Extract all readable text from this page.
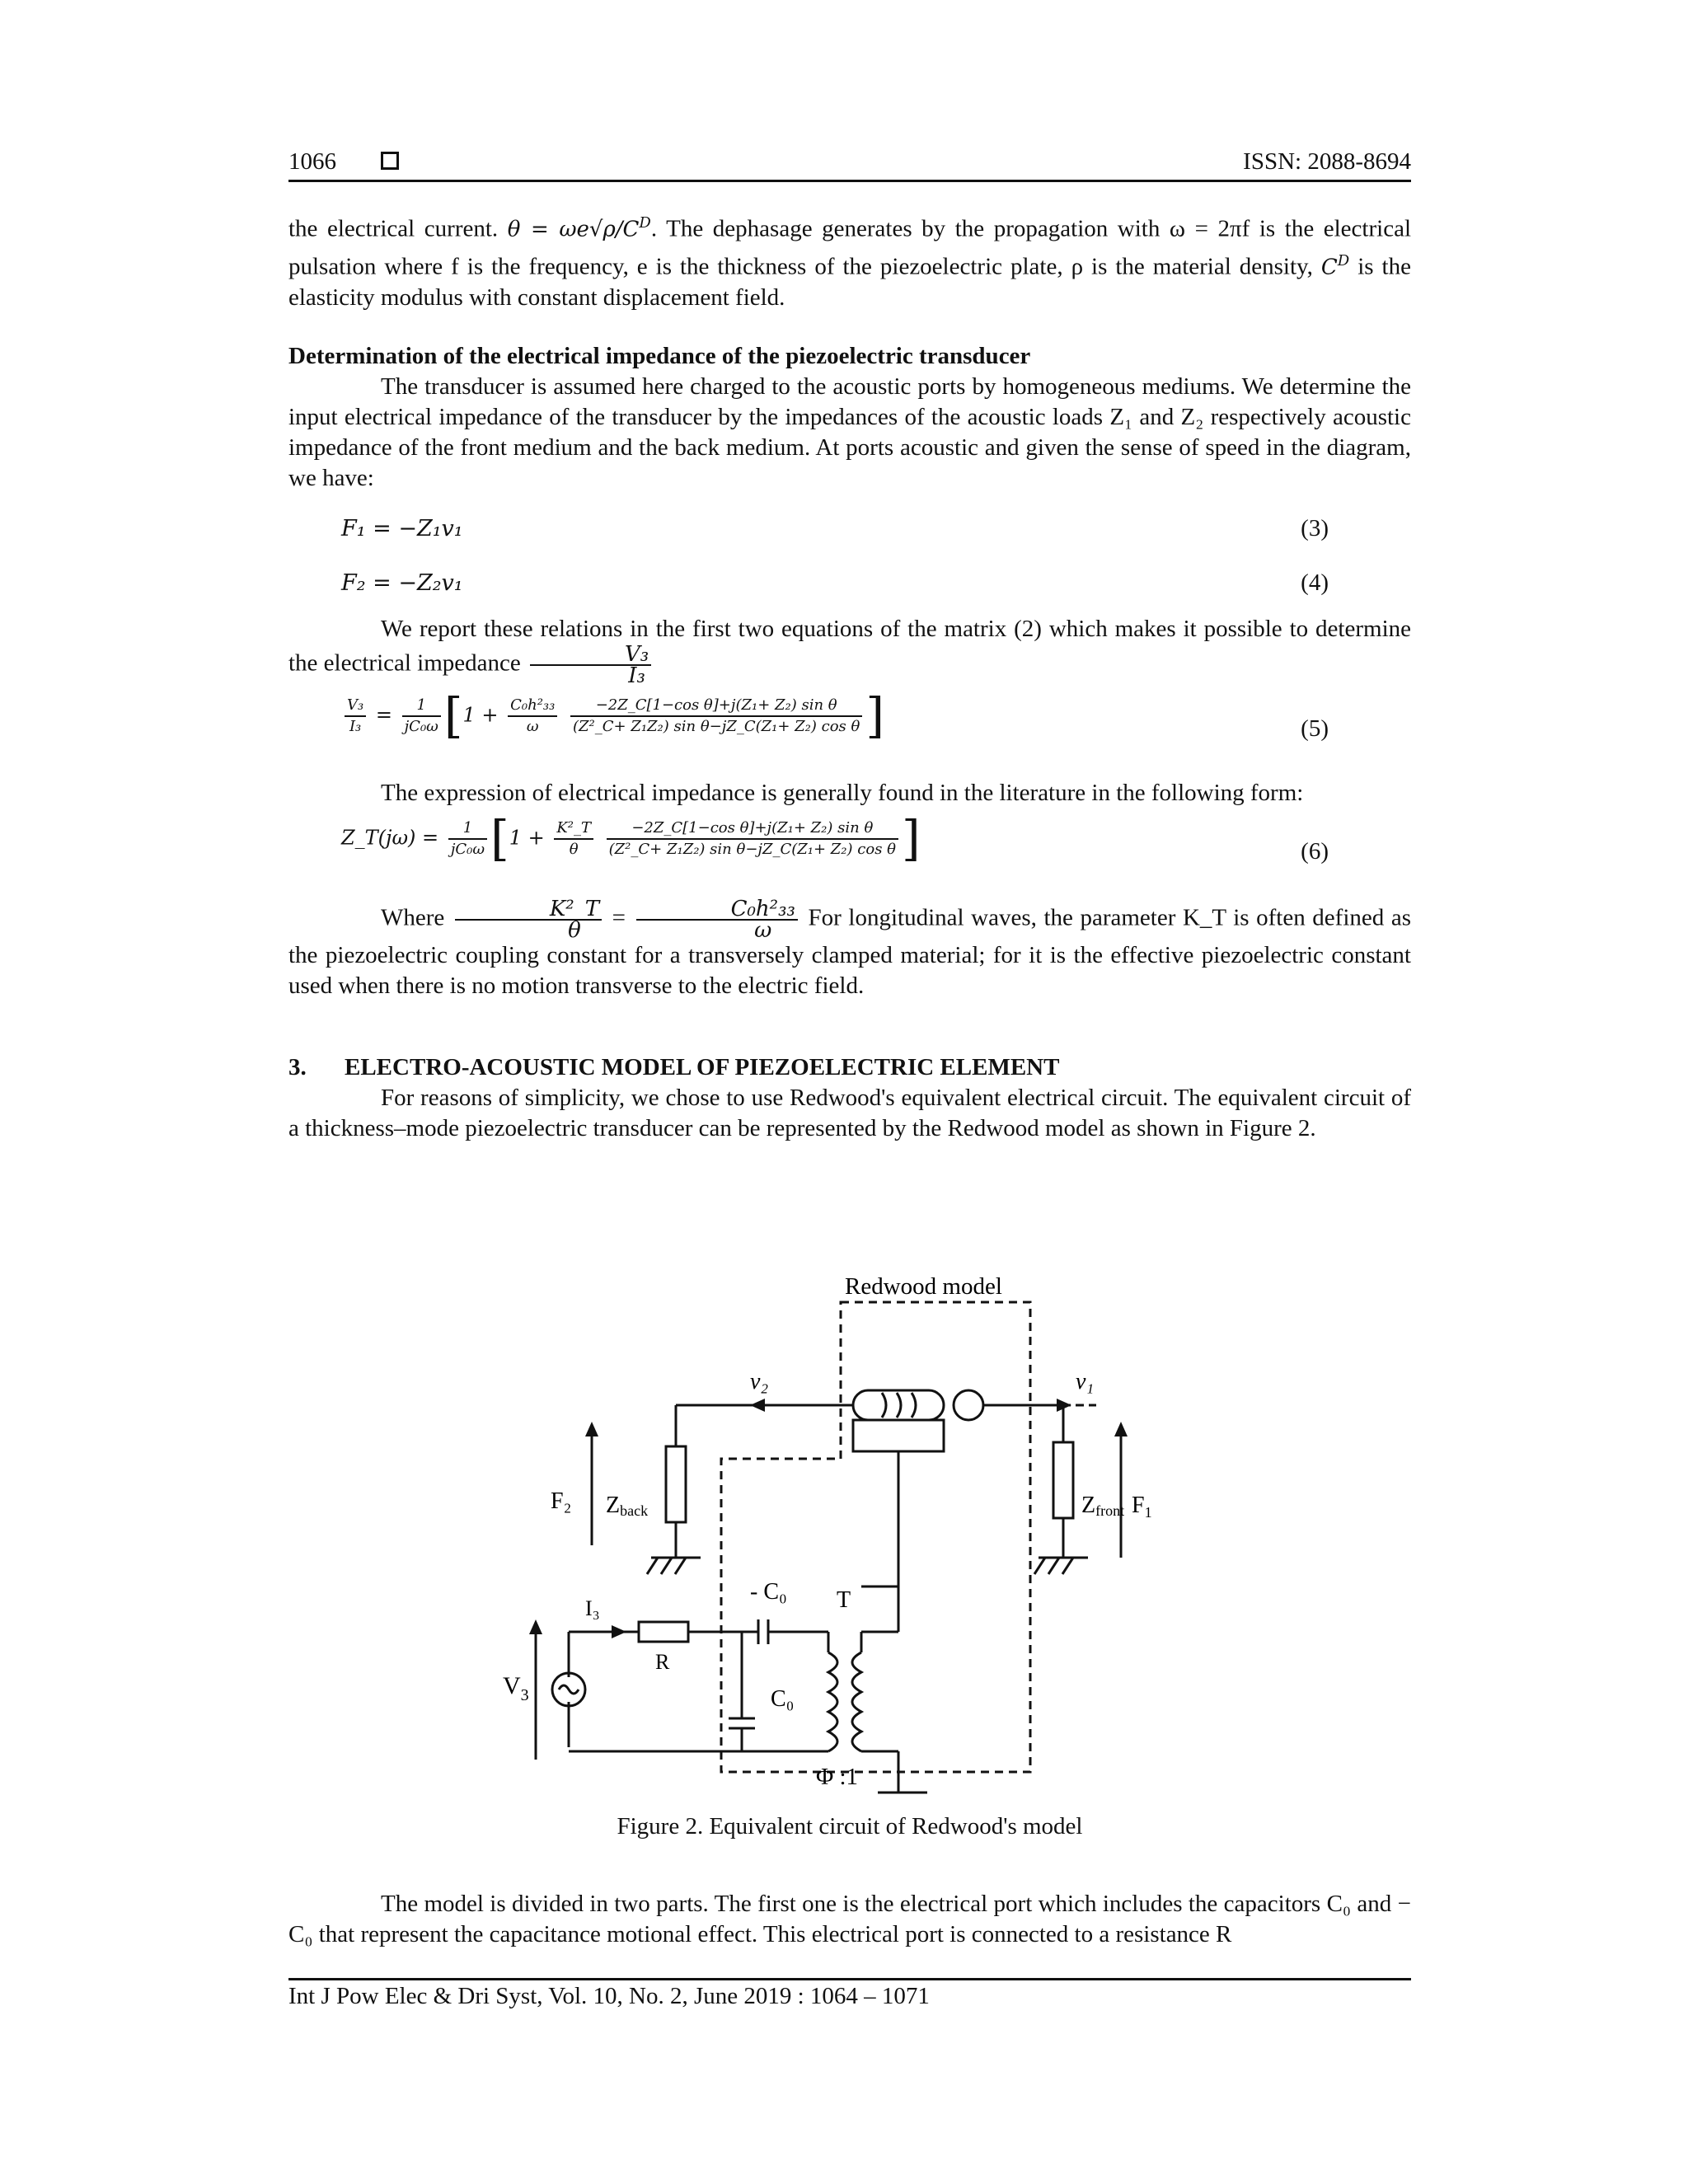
1066	ISSN: 2088-8694

the electrical current. $\theta = \omega e√\rho/C^D$. The dephasage generates by the propagation with ω = 2πf is the electrical pulsation where f is the frequency, e is the thickness of the piezoelectric plate, ρ is the material density, $C^D$ is the elasticity modulus with constant displacement field.

Determination of the electrical impedance of the piezoelectric transducer

The transducer is assumed here charged to the acoustic ports by homogeneous mediums. We determine the input electrical impedance of the transducer by the impedances of the acoustic loads Z₁ and Z₂ respectively acoustic impedance of the front medium and the back medium. At ports acoustic and given the sense of speed in the diagram, we have:

F₁ = −Z₁v₁	(3)
F₂ = −Z₂v₁	(4)

We report these relations in the first two equations of the matrix (2) which makes it possible to determine the electrical impedance $\frac{\text{V₃}}{\text{I₃}}$

$\frac{\text{V₃}}{\text{I₃}} = \frac{1}{\text{jC₀ω}} [1 + \frac{\text{C₀h²₃₃}}{\omega}$
$\frac{\text{−2Z\_C[1−cos θ]+j(Z₁+ Z₂) sin θ}}{\text{(Z²\_C+ Z₁Z₂) sin θ−jZ\_C(Z₁+ Z₂) cos θ}}$ ]	(5)

The expression of electrical impedance is generally found in the literature in the following form:

Z_T(jω) = $\frac{1}{\text{jC₀ω}} [1 + \frac{\text{K²\_T}}{\theta}$
$\frac{\text{−2Z\_C[1−cos θ]+j(Z₁+ Z₂) sin θ}}{\text{(Z²\_C+ Z₁Z₂) sin θ−jZ\_C(Z₁+ Z₂) cos θ}}$ ]	(6)

Where $\frac{\text{K²\_T}}{\theta} = \frac{\text{C₀h²₃₃}}{\omega}$ For longitudinal waves, the parameter K_T is often defined as the piezoelectric coupling constant for a transversely clamped material; for it is the effective piezoelectric constant used when there is no motion transverse to the electric field.

3. ELECTRO-ACOUSTIC MODEL OF PIEZOELECTRIC ELEMENT

For reasons of simplicity, we chose to use Redwood's equivalent electrical circuit. The equivalent circuit of a thickness–mode piezoelectric transducer can be represented by the Redwood model as shown in Figure 2.

Redwood model
v₂	v₁
F₂ Zback	Zfront $F_1$
I₃
R
- C₀ T
C₀
$V_3$
Φ :1
Figure 2. Equivalent circuit of Redwood's model

The model is divided in two parts. The first one is the electrical port which includes the capacitors C₀ and − C₀ that represent the capacitance motional effect. This electrical port is connected to a resistance R

Int J Pow Elec & Dri Syst, Vol. 10, No. 2, June 2019 : 1064 – 1071
